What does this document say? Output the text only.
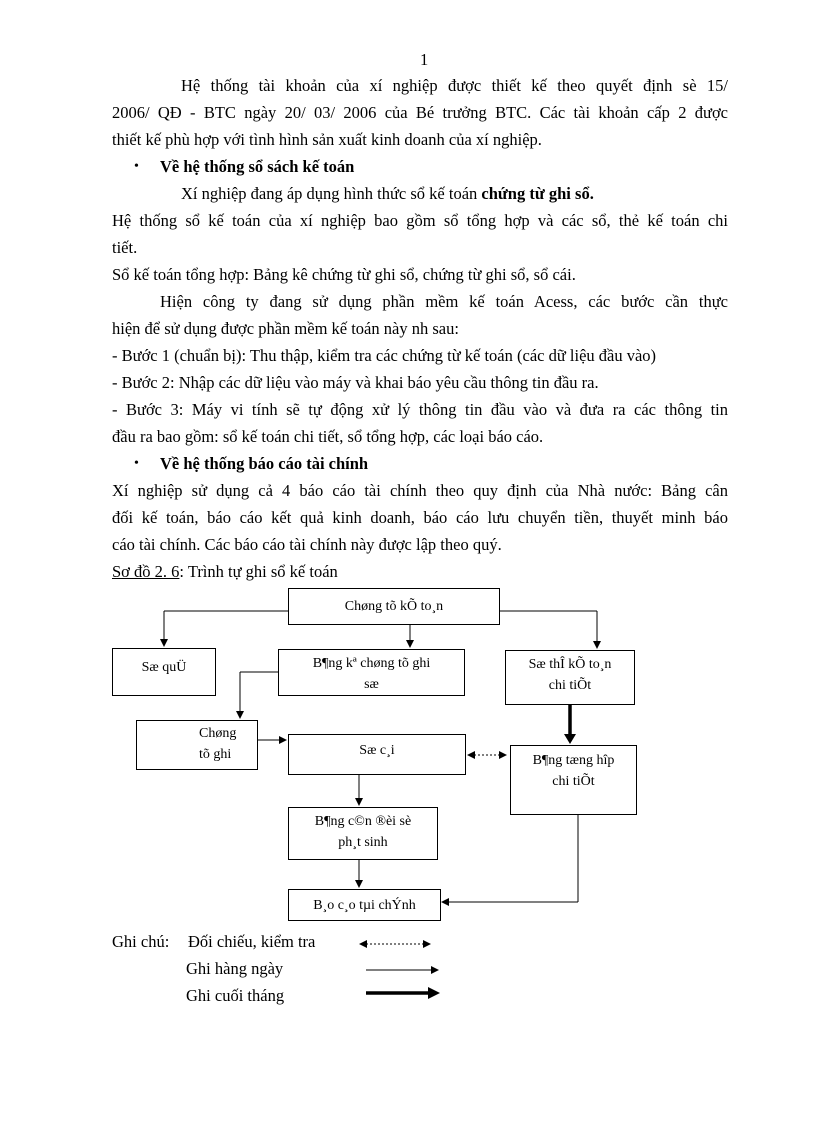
1
Hệ thống tài khoản của xí nghiệp được thiết kế theo quyết định sè 15/
2006/ QĐ - BTC ngày 20/ 03/ 2006 của Bé trưởng BTC. Các tài khoản cấp 2 được
thiết kế phù hợp với tình hình sản xuất kinh doanh của xí nghiệp.
• Về hệ thống sổ sách kế toán
Xí nghiệp đang áp dụng hình thức sổ kế toán chứng từ ghi sổ.
Hệ thống sổ kế toán của xí nghiệp bao gồm sổ tổng hợp và các sổ, thẻ kế toán chi
tiết.
Sổ kế toán tổng hợp: Bảng kê chứng từ ghi sổ, chứng từ ghi sổ, sổ cái.
Hiện công ty đang sử dụng phần mềm kế toán Acess, các bước cần thực
hiện để sử dụng được phần mềm kế toán này nh sau:
- Bước 1 (chuẩn bị): Thu thập, kiểm tra các chứng từ kế toán (các dữ liệu đầu vào)
- Bước 2: Nhập các dữ liệu vào máy và khai báo yêu cầu thông tin đầu ra.
- Bước 3: Máy vi tính sẽ tự động xử lý thông tin đầu vào và đưa ra các thông tin
đầu ra bao gồm: sổ kế toán chi tiết, sổ tổng hợp, các loại báo cáo.
• Về hệ thống báo cáo tài chính
Xí nghiệp sử dụng cả 4 báo cáo tài chính theo quy định của Nhà nước: Bảng cân
đối kế toán, báo cáo kết quả kinh doanh, báo cáo lưu chuyển tiền, thuyết minh báo
cáo tài chính. Các báo cáo tài chính này được lập theo quý.
Sơ đồ 2. 6: Trình tự ghi sổ kế toán
Chøng tõ kÕ to¸n
Sæ quÜ	B¶ng kª chøng tõ ghi
sæ
Sæ thÎ kÕ to¸n
chi tiÕt
Chøng
tõ ghi	Sæ c¸i
B¶ng tæng hîp
chi tiÕt
B¶ng c©n ®èi sè
ph¸t sinh
B¸o c¸o tµi chÝnh
Ghi chú: Đối chiếu, kiểm tra
Ghi hàng ngày
Ghi cuối tháng
